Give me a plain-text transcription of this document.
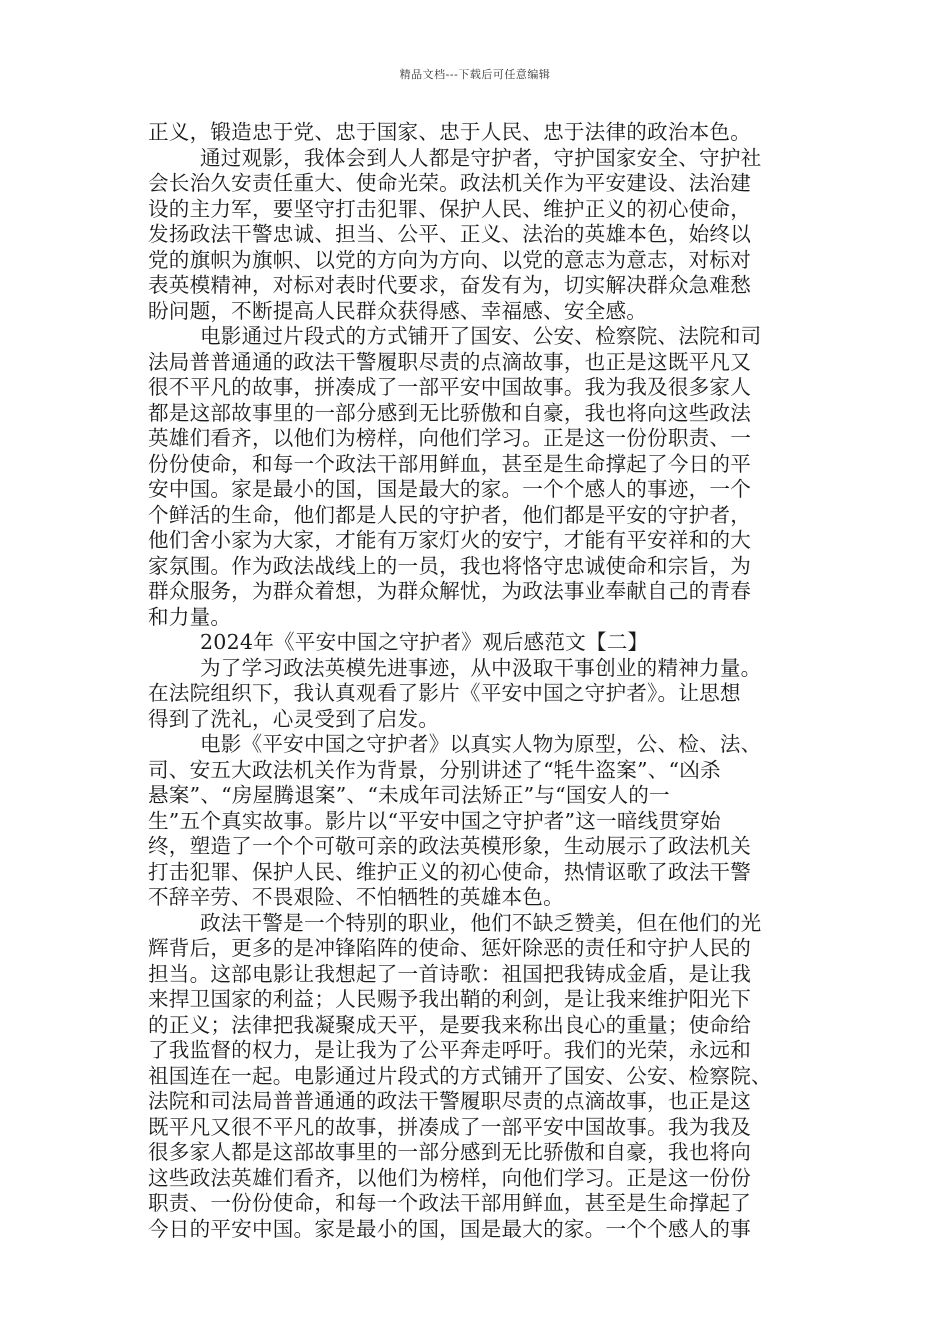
精品文档---下载后可任意编辑
正义，锻造忠于党、忠于国家、忠于人民、忠于法律的政治本色。
通过观影，我体会到人人都是守护者，守护国家安全、守护社
会长治久安责任重大、使命光荣。政法机关作为平安建设、法治建
设的主力军，要坚守打击犯罪、保护人民、维护正义的初心使命，
发扬政法干警忠诚、担当、公平、正义、法治的英雄本色，始终以
党的旗帜为旗帜、以党的方向为方向、以党的意志为意志，对标对
表英模精神，对标对表时代要求，奋发有为，切实解决群众急难愁
盼问题，不断提高人民群众获得感、幸福感、安全感。
电影通过片段式的方式铺开了国安、公安、检察院、法院和司
法局普普通通的政法干警履职尽责的点滴故事，也正是这既平凡又
很不平凡的故事，拼凑成了一部平安中国故事。我为我及很多家人
都是这部故事里的一部分感到无比骄傲和自豪，我也将向这些政法
英雄们看齐，以他们为榜样，向他们学习。正是这一份份职责、一
份份使命，和每一个政法干部用鲜血，甚至是生命撑起了今日的平
安中国。家是最小的国，国是最大的家。一个个感人的事迹，一个
个鲜活的生命，他们都是人民的守护者，他们都是平安的守护者，
他们舍小家为大家，才能有万家灯火的安宁，才能有平安祥和的大
家氛围。作为政法战线上的一员，我也将恪守忠诚使命和宗旨，为
群众服务，为群众着想，为群众解忧，为政法事业奉献自己的青春
和力量。
2024年《平安中国之守护者》观后感范文【二】
为了学习政法英模先进事迹，从中汲取干事创业的精神力量。
在法院组织下，我认真观看了影片《平安中国之守护者》。让思想
得到了洗礼，心灵受到了启发。
电影《平安中国之守护者》以真实人物为原型，公、检、法、
司、安五大政法机关作为背景，分别讲述了“牦牛盗案”、“凶杀
悬案”、“房屋腾退案”、“未成年司法矫正”与“国安人的一
生”五个真实故事。影片以“平安中国之守护者”这一暗线贯穿始
终，塑造了一个个可敬可亲的政法英模形象，生动展示了政法机关
打击犯罪、保护人民、维护正义的初心使命，热情讴歌了政法干警
不辞辛劳、不畏艰险、不怕牺牲的英雄本色。
政法干警是一个特别的职业，他们不缺乏赞美，但在他们的光
辉背后，更多的是冲锋陷阵的使命、惩奸除恶的责任和守护人民的
担当。这部电影让我想起了一首诗歌：祖国把我铸成金盾，是让我
来捍卫国家的利益；人民赐予我出鞘的利剑，是让我来维护阳光下
的正义；法律把我凝聚成天平，是要我来称出良心的重量；使命给
了我监督的权力，是让我为了公平奔走呼吁。我们的光荣，永远和
祖国连在一起。电影通过片段式的方式铺开了国安、公安、检察院、
法院和司法局普普通通的政法干警履职尽责的点滴故事，也正是这
既平凡又很不平凡的故事，拼凑成了一部平安中国故事。我为我及
很多家人都是这部故事里的一部分感到无比骄傲和自豪，我也将向
这些政法英雄们看齐，以他们为榜样，向他们学习。正是这一份份
职责、一份份使命，和每一个政法干部用鲜血，甚至是生命撑起了
今日的平安中国。家是最小的国，国是最大的家。一个个感人的事
